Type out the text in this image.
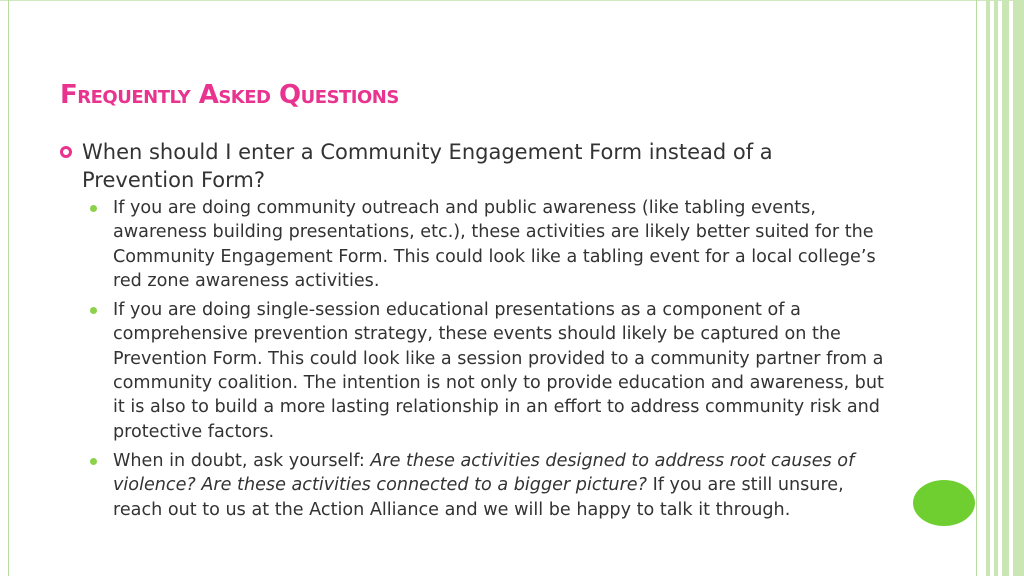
Frequently Asked Questions
When should I enter a Community Engagement Form instead of a Prevention Form?
If you are doing community outreach and public awareness (like tabling events, awareness building presentations, etc.), these activities are likely better suited for the Community Engagement Form. This could look like a tabling event for a local college’s red zone awareness activities.
If you are doing single-session educational presentations as a component of a comprehensive prevention strategy, these events should likely be captured on the Prevention Form. This could look like a session provided to a community partner from a community coalition. The intention is not only to provide education and awareness, but it is also to build a more lasting relationship in an effort to address community risk and protective factors.
When in doubt, ask yourself: Are these activities designed to address root causes of violence? Are these activities connected to a bigger picture? If you are still unsure, reach out to us at the Action Alliance and we will be happy to talk it through.
